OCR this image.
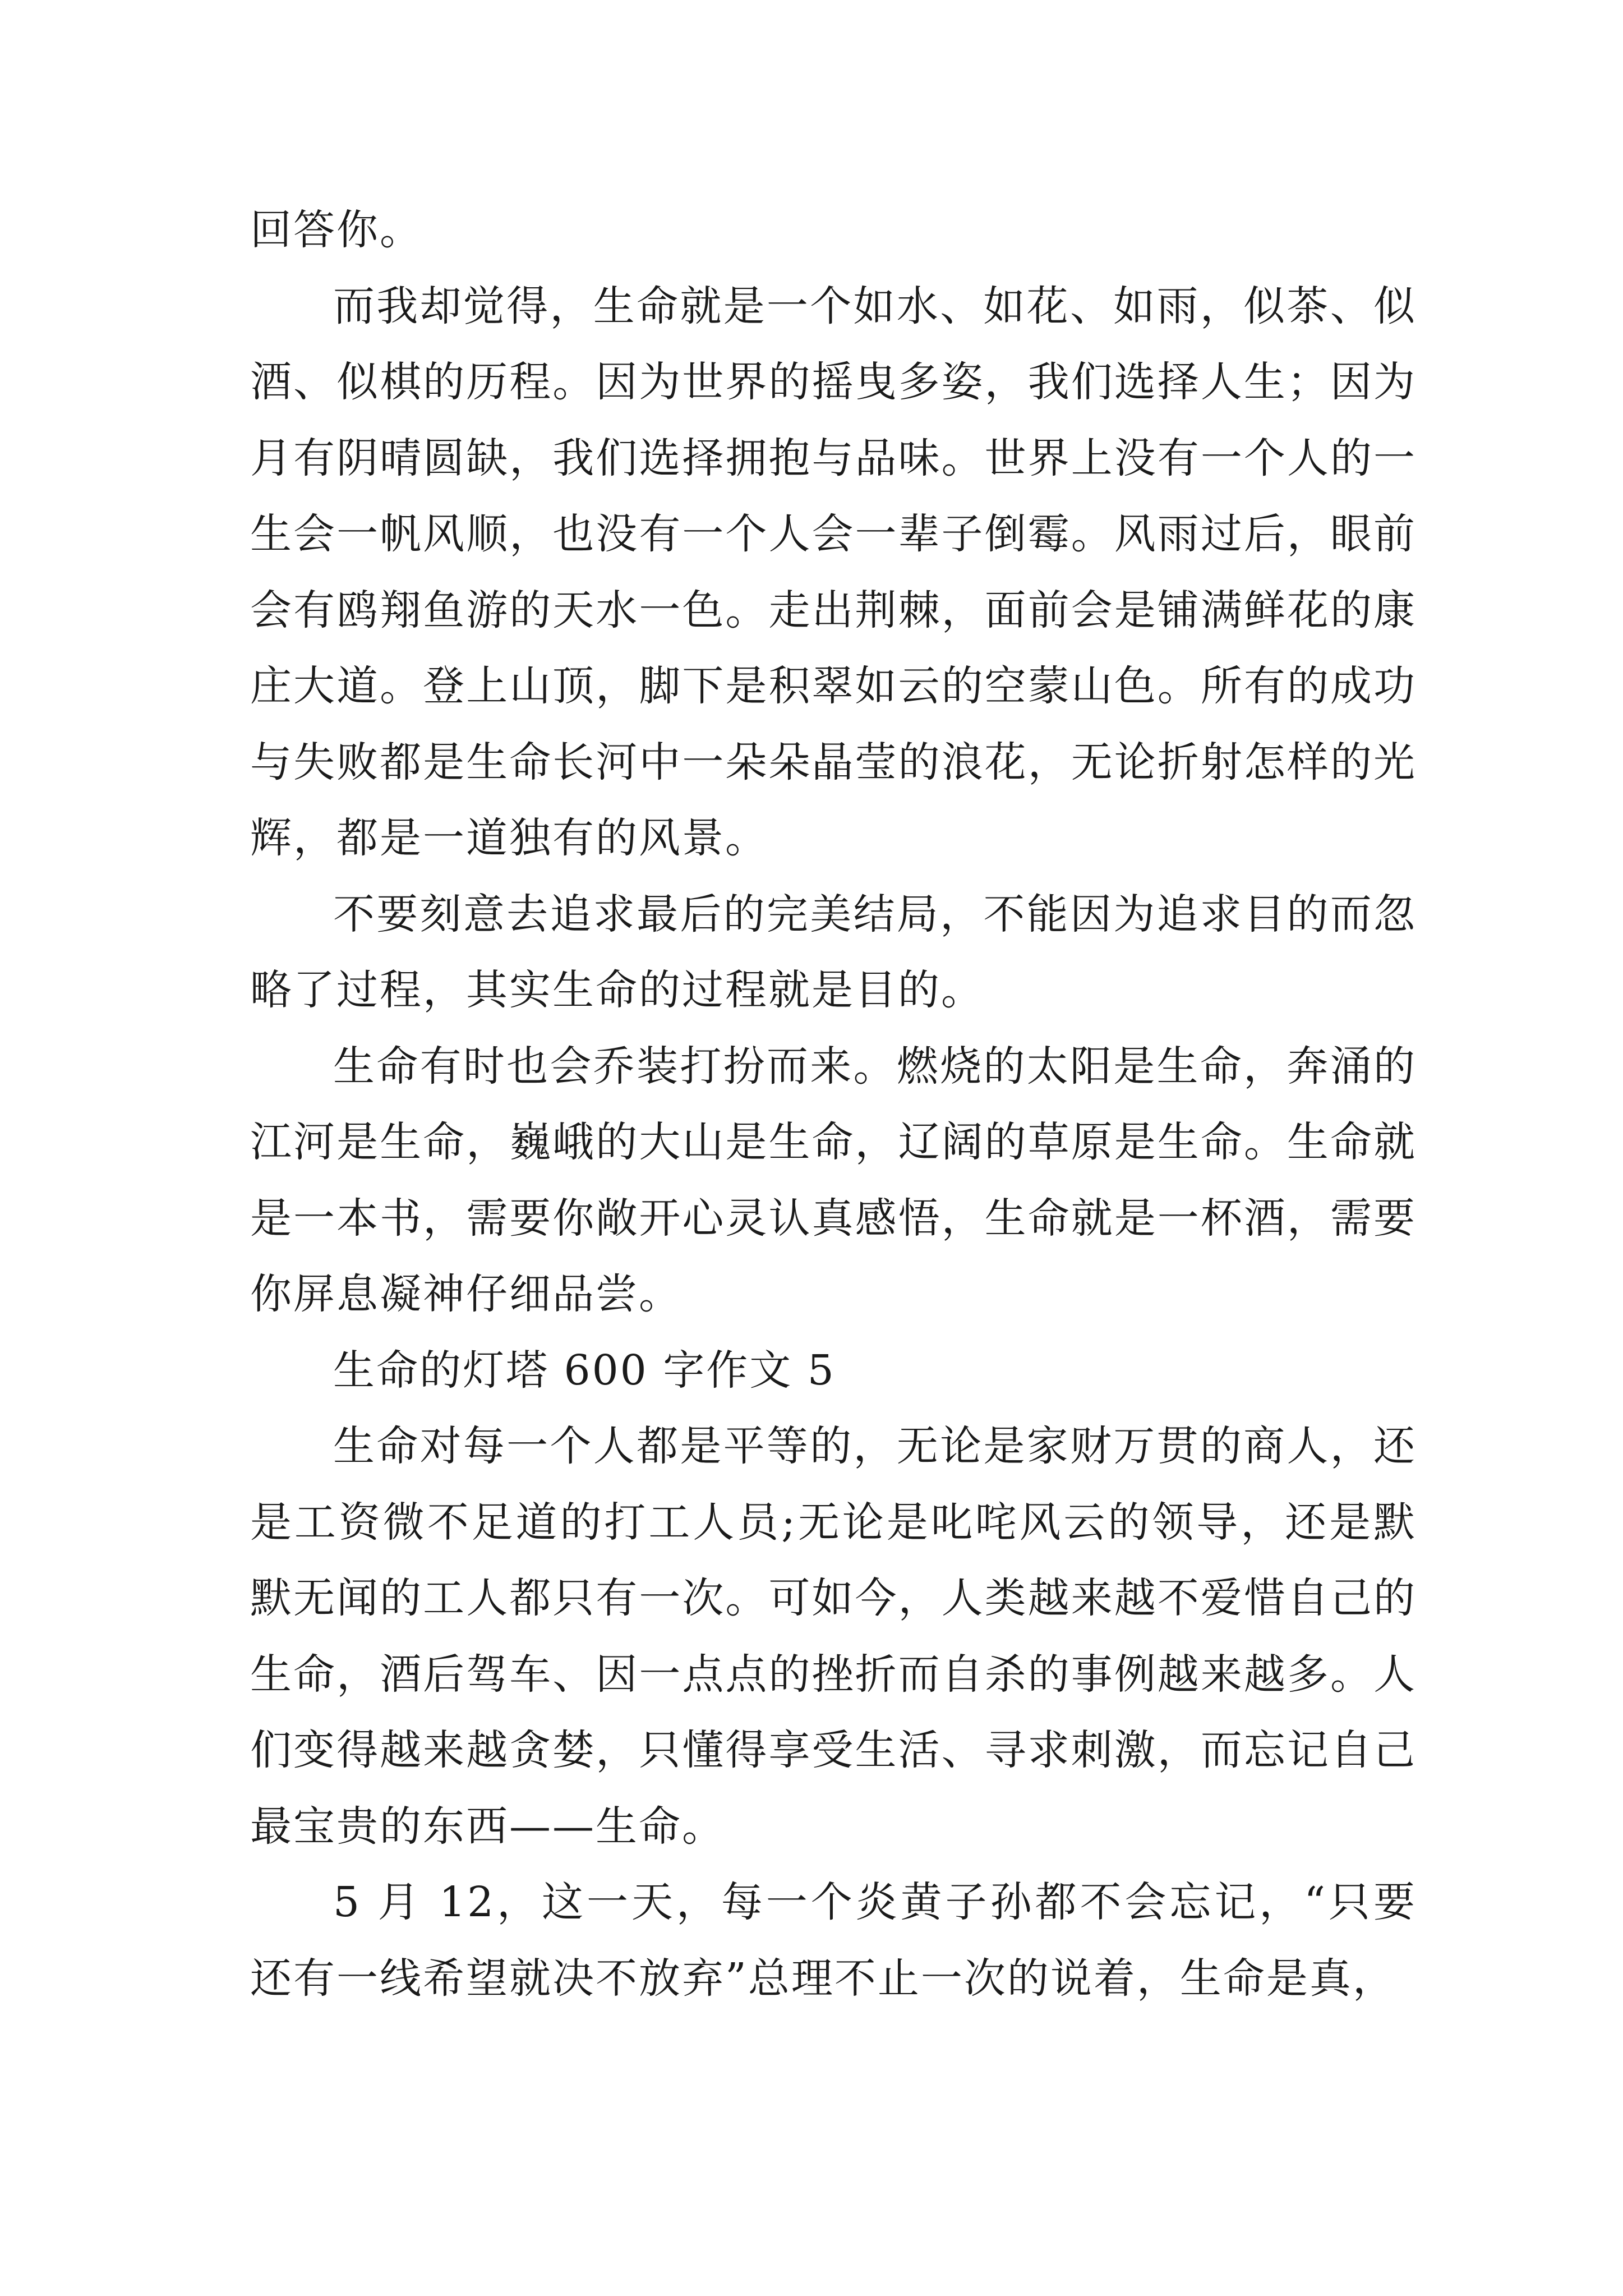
回答你。

而我却觉得，生命就是一个如水、如花、如雨，似茶、似酒、似棋的历程。因为世界的摇曳多姿，我们选择人生；因为月有阴晴圆缺，我们选择拥抱与品味。世界上没有一个人的一生会一帆风顺，也没有一个人会一辈子倒霉。风雨过后，眼前会有鸥翔鱼游的天水一色。走出荆棘，面前会是铺满鲜花的康庄大道。登上山顶，脚下是积翠如云的空蒙山色。所有的成功与失败都是生命长河中一朵朵晶莹的浪花，无论折射怎样的光辉，都是一道独有的风景。

不要刻意去追求最后的完美结局，不能因为追求目的而忽略了过程，其实生命的过程就是目的。

生命有时也会乔装打扮而来。燃烧的太阳是生命，奔涌的江河是生命，巍峨的大山是生命，辽阔的草原是生命。生命就是一本书，需要你敞开心灵认真感悟，生命就是一杯酒，需要你屏息凝神仔细品尝。

生命的灯塔 600 字作文 5

生命对每一个人都是平等的，无论是家财万贯的商人，还是工资微不足道的打工人员;无论是叱咤风云的领导，还是默默无闻的工人都只有一次。可如今，人类越来越不爱惜自己的生命，酒后驾车、因一点点的挫折而自杀的事例越来越多。人们变得越来越贪婪，只懂得享受生活、寻求刺激，而忘记自己最宝贵的东西——生命。

5 月 12，这一天，每一个炎黄子孙都不会忘记，“只要还有一线希望就决不放弃”总理不止一次的说着，生命是真，
